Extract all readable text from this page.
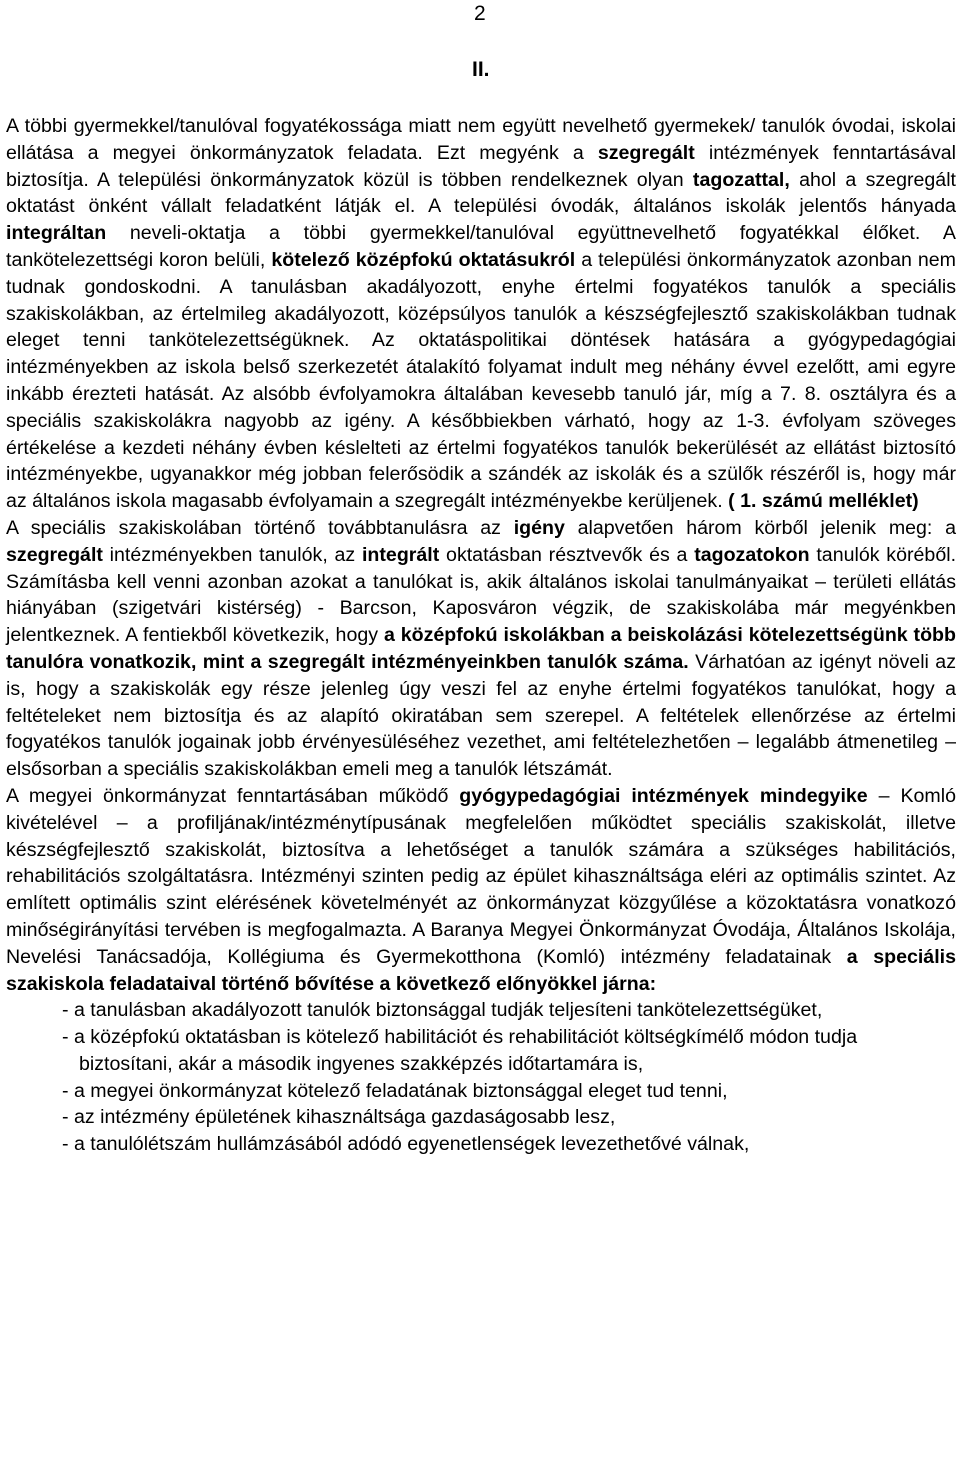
2
II.

A többi gyermekkel/tanulóval fogyatékossága miatt nem együtt nevelhető gyermekek/ tanulók óvodai, iskolai ellátása a megyei önkormányzatok feladata. Ezt megyénk a szegregált intézmények fenntartásával biztosítja. A települési önkormányzatok közül is többen rendelkeznek olyan tagozattal, ahol a szegregált oktatást önként vállalt feladatként látják el. A települési óvodák, általános iskolák jelentős hányada integráltan neveli-oktatja a többi gyermekkel/tanulóval együttnevelhető fogyatékkal élőket. A tankötelezettségi koron belüli, kötelező középfokú oktatásukról a települési önkormányzatok azonban nem tudnak gondoskodni. A tanulásban akadályozott, enyhe értelmi fogyatékos tanulók a speciális szakiskolákban, az értelmileg akadályozott, középsúlyos tanulók a készségfejlesztő szakiskolákban tudnak eleget tenni tankötelezettségüknek. Az oktatáspolitikai döntések hatására a gyógypedagógiai intézményekben az iskola belső szerkezetét átalakító folyamat indult meg néhány évvel ezelőtt, ami egyre inkább érezteti hatását. Az alsóbb évfolyamokra általában kevesebb tanuló jár, míg a 7. 8. osztályra és a speciális szakiskolákra nagyobb az igény. A későbbiekben várható, hogy az 1-3. évfolyam szöveges értékelése a kezdeti néhány évben késlelteti az értelmi fogyatékos tanulók bekerülését az ellátást biztosító intézményekbe, ugyanakkor még jobban felerősödik a szándék az iskolák és a szülők részéről is, hogy már az általános iskola magasabb évfolyamain a szegregált intézményekbe kerüljenek. ( 1. számú melléklet)

A speciális szakiskolában történő továbbtanulásra az igény alapvetően három körből jelenik meg: a szegregált intézményekben tanulók, az integrált oktatásban résztvevők és a tagozatokon tanulók köréből. Számításba kell venni azonban azokat a tanulókat is, akik általános iskolai tanulmányaikat – területi ellátás hiányában (szigetvári kistérség) - Barcson, Kaposváron végzik, de szakiskolába már megyénkben jelentkeznek. A fentiekből következik, hogy a középfokú iskolákban a beiskolázási kötelezettségünk több tanulóra vonatkozik, mint a szegregált intézményeinkben tanulók száma. Várhatóan az igényt növeli az is, hogy a szakiskolák egy része jelenleg úgy veszi fel az enyhe értelmi fogyatékos tanulókat, hogy a feltételeket nem biztosítja és az alapító okiratában sem szerepel. A feltételek ellenőrzése az értelmi fogyatékos tanulók jogainak jobb érvényesüléséhez vezethet, ami feltételezhetően – legalább átmenetileg – elsősorban a speciális szakiskolákban emeli meg a tanulók létszámát.

A megyei önkormányzat fenntartásában működő gyógypedagógiai intézmények mindegyike – Komló kivételével – a profiljának/intézménytípusának megfelelően működtet speciális szakiskolát, illetve készségfejlesztő szakiskolát, biztosítva a lehetőséget a tanulók számára a szükséges habilitációs, rehabilitációs szolgáltatásra. Intézményi szinten pedig az épület kihasználtsága eléri az optimális szintet. Az említett optimális szint elérésének követelményét az önkormányzat közgyűlése a közoktatásra vonatkozó minőségirányítási tervében is megfogalmazta. A Baranya Megyei Önkormányzat Óvodája, Általános Iskolája, Nevelési Tanácsadója, Kollégiuma és Gyermekotthona (Komló) intézmény feladatainak a speciális szakiskola feladataival történő bővítése a következő előnyökkel járna:

- a tanulásban akadályozott tanulók biztonsággal tudják teljesíteni tankötelezettségüket,
- a középfokú oktatásban is kötelező habilitációt és rehabilitációt költségkímélő módon tudja biztosítani, akár a második ingyenes szakképzés időtartamára is,
- a megyei önkormányzat kötelező feladatának biztonsággal eleget tud tenni,
- az intézmény épületének kihasználtsága gazdaságosabb lesz,
- a tanulólétszám hullámzásából adódó egyenetlenségek levezethetővé válnak,
